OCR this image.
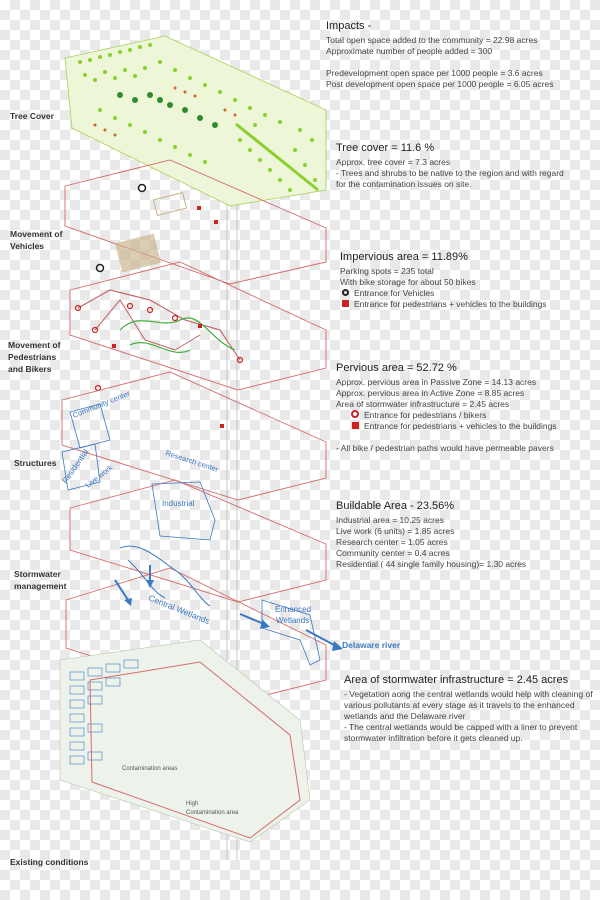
Community center
Residential
Live work
Research center
Industrial
Central Wetlands	Enhanced
Wetlands
Contamination areas
High
Contamination area
Delaware river
Tree Cover
Movement of Vehicles
Movement of Pedestrians and Bikers
Structures
Stormwater management
Existing conditions
Impacts -

Total open space added to the community = 22.98 acres

Approximate number of people added = 300

Predevelopment open space per 1000 people = 3.6 acres

Post development open space per 1000 people = 6.05 acres

Tree cover = 11.6 %

Approx. tree cover = 7.3 acres

- Trees and shrubs to be native to the region and with regard for the contamination issues on site.

Impervious area = 11.89%

Parking spots = 235 total

With bike storage for about 50 bikes

Entrance for Vehicles
Entrance for pedestrians + vehicles to the buildings
Pervious area = 52.72 %

Approx. pervious area in Passive Zone = 14.13 acres

Approx. pervious area in Active Zone = 8.85 acres

Area of stormwater infrastructure = 2.45 acres

Entrance for pedestrians / bikers
Entrance for pedestrians + vehicles to the buildings

- All bike / pedestrian paths would have permeable pavers

Buildable Area - 23.56%

Industrial area = 10.25 acres

Live work (6 units) = 1.85 acres

Research center = 1.05 acres

Community center = 0.4 acres

Residential ( 44 single family housing)= 1.30 acres

Area of stormwater infrastructure = 2.45 acres

- Vegetation aong the central wetlands would help with cleaning of various pollutants at every stage as it travels to the enhanced wetlands and the Delaware river

- The central wetlands would be capped with a liner to prevent stormwater infiltration before it gets cleaned up.
